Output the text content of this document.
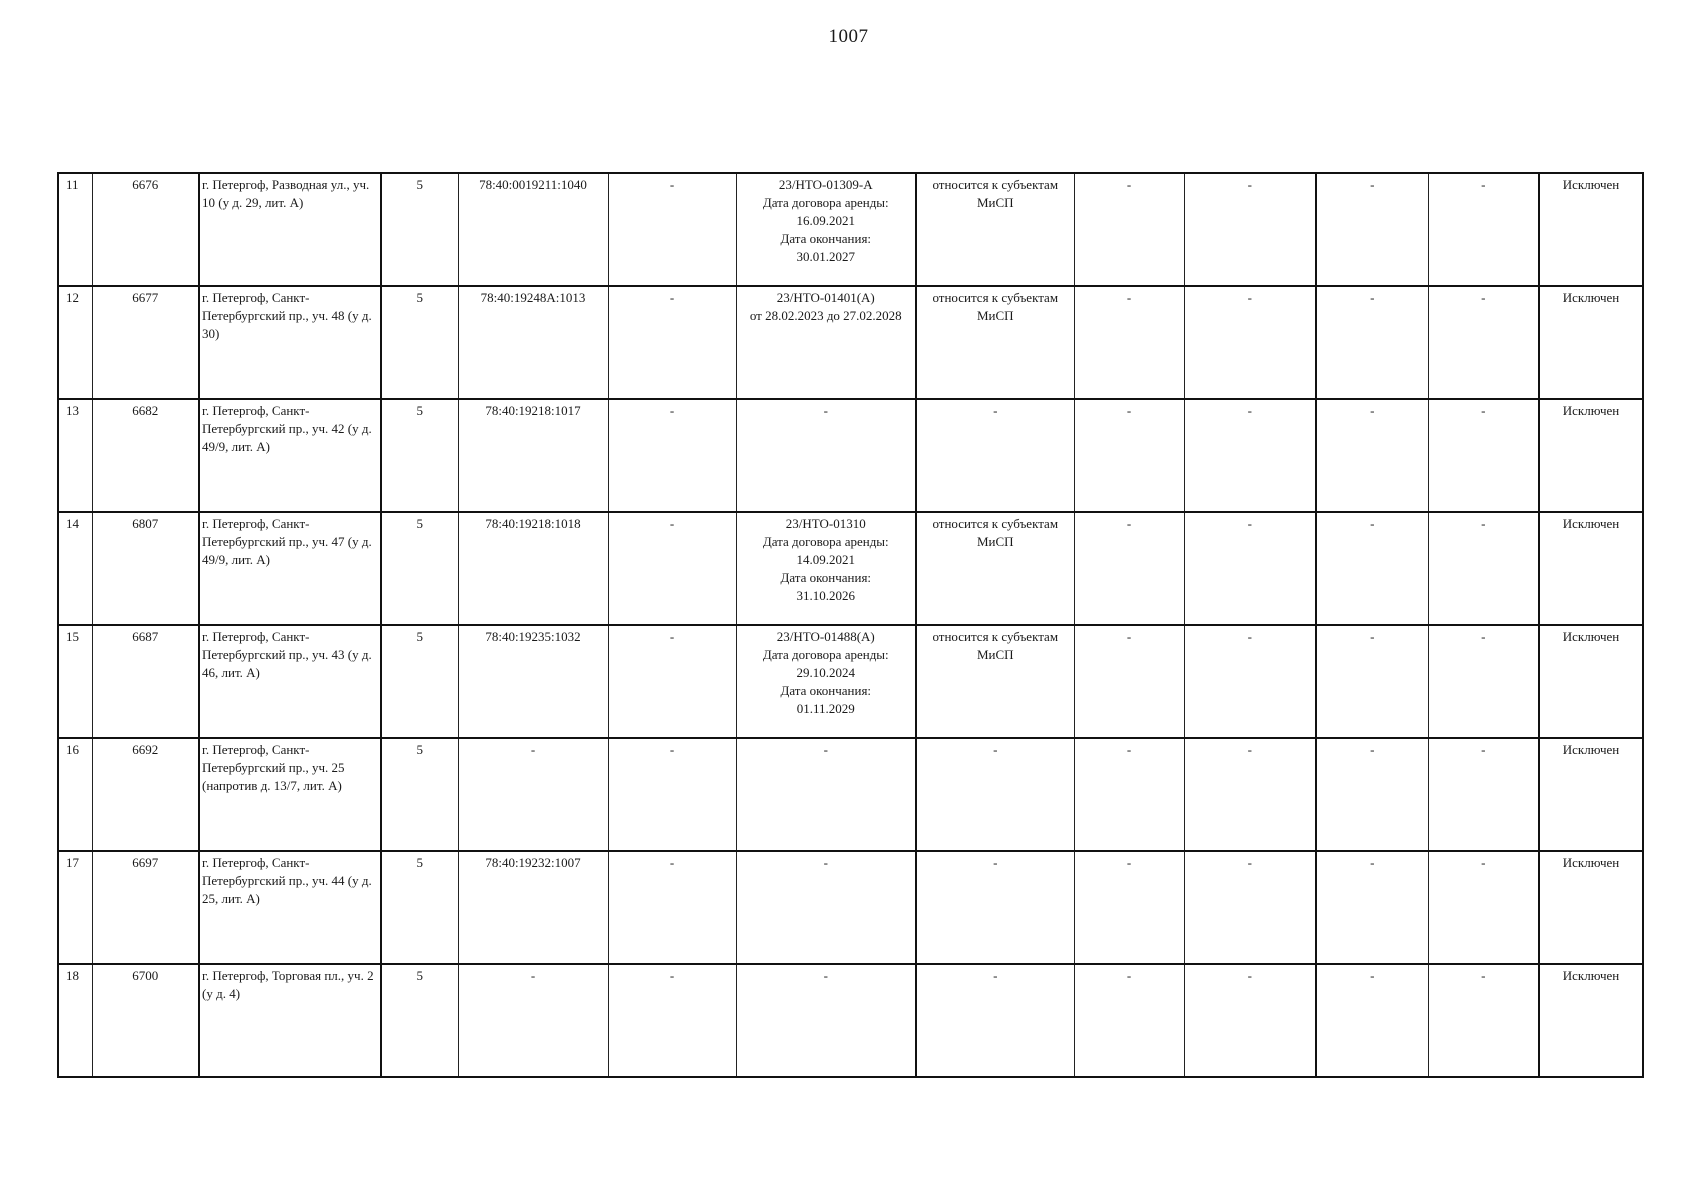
1007
11	6676	г. Петергоф, Разводная ул., уч. 10 (у д. 29, лит. А)	5	78:40:0019211:1040	-	23/НТО-01309-А
Дата договора аренды:
16.09.2021
Дата окончания:
30.01.2027	относится к субъектам МиСП	-	-	-	-	Исключен
12	6677	г. Петергоф, Санкт-Петербургский пр., уч. 48 (у д. 30)	5	78:40:19248А:1013	-	23/НТО-01401(А)
от 28.02.2023 до 27.02.2028	относится к субъектам МиСП	-	-	-	-	Исключен
13	6682	г. Петергоф, Санкт-Петербургский пр., уч. 42 (у д. 49/9, лит. А)	5	78:40:19218:1017	-	-	-	-	-	-	-	Исключен
14	6807	г. Петергоф, Санкт-Петербургский пр., уч. 47 (у д. 49/9, лит. А)	5	78:40:19218:1018	-	23/НТО-01310
Дата договора аренды:
14.09.2021
Дата окончания:
31.10.2026	относится к субъектам МиСП	-	-	-	-	Исключен
15	6687	г. Петергоф, Санкт-Петербургский пр., уч. 43 (у д. 46, лит. А)	5	78:40:19235:1032	-	23/НТО-01488(А)
Дата договора аренды:
29.10.2024
Дата окончания:
01.11.2029	относится к субъектам МиСП	-	-	-	-	Исключен
16	6692	г. Петергоф, Санкт-Петербургский пр., уч. 25 (напротив д. 13/7, лит. А)	5	-	-	-	-	-	-	-	-	Исключен
17	6697	г. Петергоф, Санкт-Петербургский пр., уч. 44 (у д. 25, лит. А)	5	78:40:19232:1007	-	-	-	-	-	-	-	Исключен
18	6700	г. Петергоф, Торговая пл., уч. 2 (у д. 4)	5	-	-	-	-	-	-	-	-	Исключен
